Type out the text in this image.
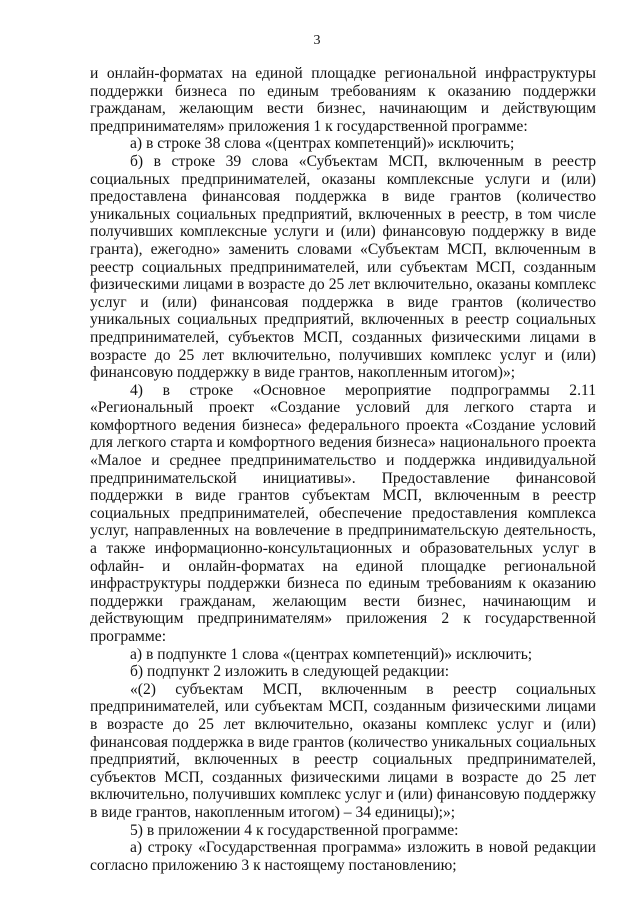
3

и онлайн-форматах на единой площадке региональной инфраструктуры поддержки бизнеса по единым требованиям к оказанию поддержки гражданам, желающим вести бизнес, начинающим и действующим предпринимателям» приложения 1 к государственной программе:

а) в строке 38 слова «(центрах компетенций)» исключить;

б) в строке 39 слова «Субъектам МСП, включенным в реестр социальных предпринимателей, оказаны комплексные услуги и (или) предоставлена финансовая поддержка в виде грантов (количество уникальных социальных предприятий, включенных в реестр, в том числе получивших комплексные услуги и (или) финансовую поддержку в виде гранта), ежегодно» заменить словами «Субъектам МСП, включенным в реестр социальных предпринимателей, или субъектам МСП, созданным физическими лицами в возрасте до 25 лет включительно, оказаны комплекс услуг и (или) финансовая поддержка в виде грантов (количество уникальных социальных предприятий, включенных в реестр социальных предпринимателей, субъектов МСП, созданных физическими лицами в возрасте до 25 лет включительно, получивших комплекс услуг и (или) финансовую поддержку в виде грантов, накопленным итогом)»;

4) в строке «Основное мероприятие подпрограммы 2.11 «Региональный проект «Создание условий для легкого старта и комфортного ведения бизнеса» федерального проекта «Создание условий для легкого старта и комфортного ведения бизнеса» национального проекта «Малое и среднее предпринимательство и поддержка индивидуальной предпринимательской инициативы». Предоставление финансовой поддержки в виде грантов субъектам МСП, включенным в реестр социальных предпринимателей, обеспечение предоставления комплекса услуг, направленных на вовлечение в предпринимательскую деятельность, а также информационно-консультационных и образовательных услуг в офлайн- и онлайн-форматах на единой площадке региональной инфраструктуры поддержки бизнеса по единым требованиям к оказанию поддержки гражданам, желающим вести бизнес, начинающим и действующим предпринимателям» приложения 2 к государственной программе:

а) в подпункте 1 слова «(центрах компетенций)» исключить;

б) подпункт 2 изложить в следующей редакции:

«(2) субъектам МСП, включенным в реестр социальных предпринимателей, или субъектам МСП, созданным физическими лицами в возрасте до 25 лет включительно, оказаны комплекс услуг и (или) финансовая поддержка в виде грантов (количество уникальных социальных предприятий, включенных в реестр социальных предпринимателей, субъектов МСП, созданных физическими лицами в возрасте до 25 лет включительно, получивших комплекс услуг и (или) финансовую поддержку в виде грантов, накопленным итогом) – 34 единицы);»;

5) в приложении 4 к государственной программе:

а) строку «Государственная программа» изложить в новой редакции согласно приложению 3 к настоящему постановлению;
